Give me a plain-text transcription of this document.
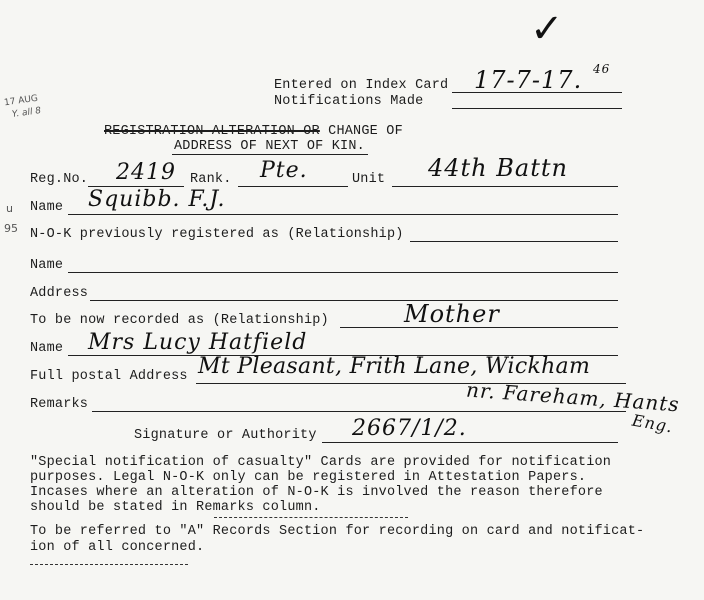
✓
17 AUG
Y. all 8
u
95
Entered on Index Card 17-7-17. 46
Notifications Made
REGISTRATION ALTERATION OR CHANGE OF
ADDRESS OF NEXT OF KIN.
Reg.No. 2419 Rank. Pte.	Unit 44th Battn
Name Squibb. F.J.
N-O-K previously registered as (Relationship)
Name
Address
To be now recorded as (Relationship)	Mother
Name Mrs Lucy Hatfield
Full postal Address Mt Pleasant, Frith Lane, Wickham
Remarks	nr. Fareham, Hants
Eng.
Signature or Authority 2667/1/2.
"Special notification of casualty" Cards are provided for notification
purposes. Legal N-O-K only can be registered in Attestation Papers.
Incases where an alteration of N-O-K is involved the reason therefore
should be stated in Remarks column.
To be referred to "A" Records Section for recording on card and notificat-
ion of all concerned.
